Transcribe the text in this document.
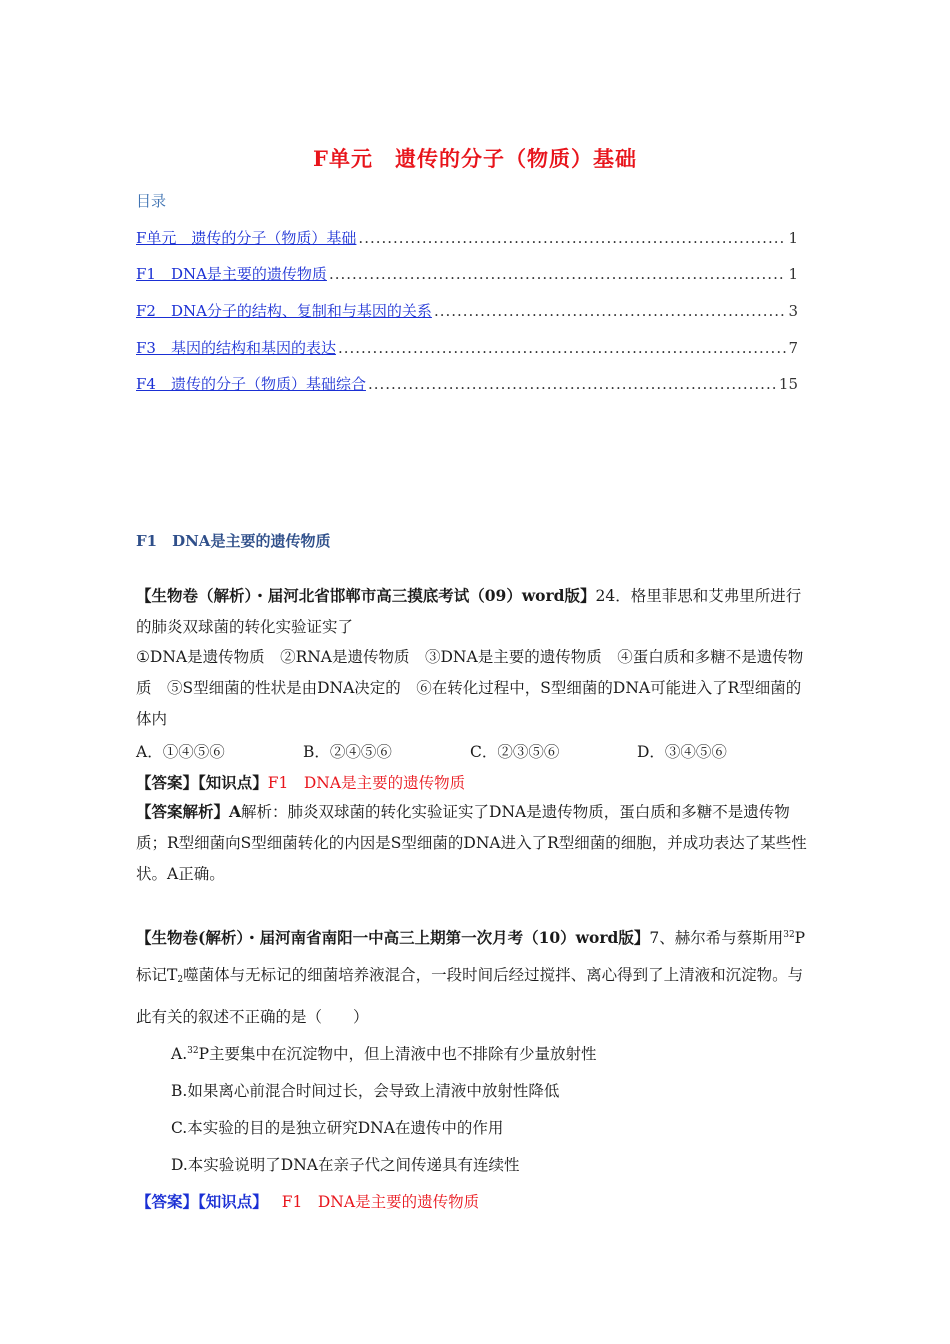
F单元　遗传的分子（物质）基础
目录
F单元　遗传的分子（物质）基础 .....	1
F1　DNA是主要的遗传物质 .....	1
F2　DNA分子的结构、复制和与基因的关系 .....	3
F3　基因的结构和基因的表达 .....	7
F4　遗传的分子（物质）基础综合 .....	15
F1　DNA是主要的遗传物质
【生物卷（解析）・届河北省邯郸市高三摸底考试（09）word版】24．格里菲思和艾弗里所进行的肺炎双球菌的转化实验证实了
①DNA是遗传物质　②RNA是遗传物质　③DNA是主要的遗传物质　④蛋白质和多糖不是遗传物质　⑤S型细菌的性状是由DNA决定的　⑥在转化过程中，S型细菌的DNA可能进入了R型细菌的体内
A．①④⑤⑥	B．②④⑤⑥	C．②③⑤⑥	D．③④⑤⑥
【答案】【知识点】F1　DNA是主要的遗传物质
【答案解析】A解析：肺炎双球菌的转化实验证实了DNA是遗传物质，蛋白质和多糖不是遗传物质；R型细菌向S型细菌转化的内因是S型细菌的DNA进入了R型细菌的细胞，并成功表达了某些性状。A正确。
【生物卷(解析）・届河南省南阳一中高三上期第一次月考（10）word版】7、赫尔希与蔡斯用$^{32}$P标记$T_2$噬菌体与无标记的细菌培养液混合，一段时间后经过搅拌、离心得到了上清液和沉淀物。与此有关的叙述不正确的是（　　）
A.$^{32}$P主要集中在沉淀物中，但上清液中也不排除有少量放射性
B.如果离心前混合时间过长，会导致上清液中放射性降低
C.本实验的目的是独立研究DNA在遗传中的作用
D.本实验说明了DNA在亲子代之间传递具有连续性
【答案】【知识点】 F1　DNA是主要的遗传物质
